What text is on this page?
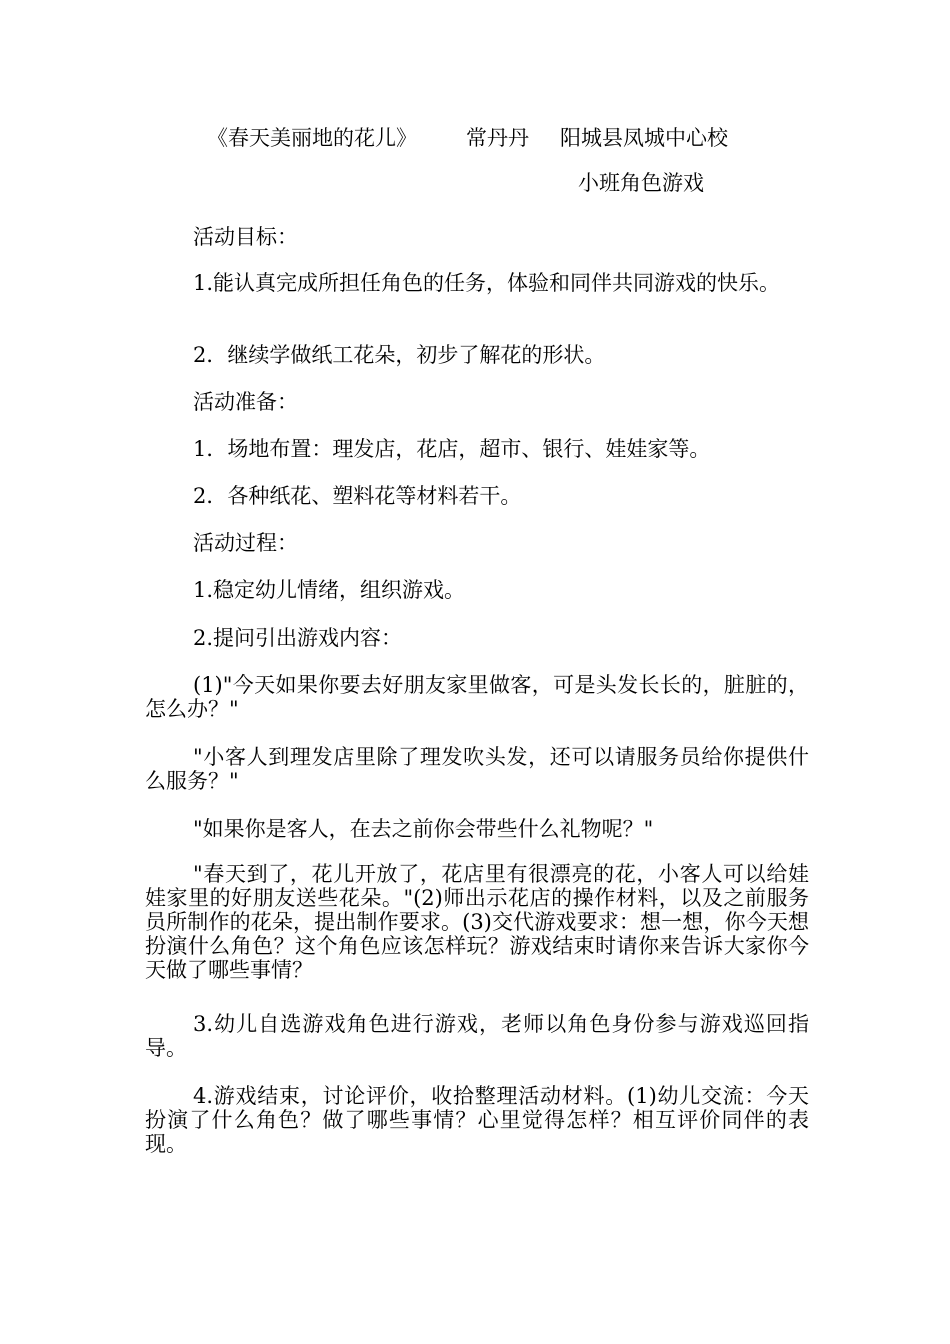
《春天美丽地的花儿》 常丹丹 阳城县凤城中心校
小班角色游戏
活动目标：
1.能认真完成所担任角色的任务，体验和同伴共同游戏的快乐。
2．继续学做纸工花朵，初步了解花的形状。
活动准备：
1．场地布置：理发店，花店，超市、银行、娃娃家等。
2．各种纸花、塑料花等材料若干。
活动过程：
1.稳定幼儿情绪，组织游戏。
2.提问引出游戏内容：
(1)"今天如果你要去好朋友家里做客，可是头发长长的，脏脏的，怎么办？"
"小客人到理发店里除了理发吹头发，还可以请服务员给你提供什么服务？"
"如果你是客人，在去之前你会带些什么礼物呢？"
"春天到了，花儿开放了，花店里有很漂亮的花，小客人可以给娃娃家里的好朋友送些花朵。"(2)师出示花店的操作材料，以及之前服务员所制作的花朵，提出制作要求。(3)交代游戏要求：想一想，你今天想扮演什么角色？这个角色应该怎样玩？游戏结束时请你来告诉大家你今天做了哪些事情？
3.幼儿自选游戏角色进行游戏，老师以角色身份参与游戏巡回指导。
4.游戏结束，讨论评价，收拾整理活动材料。(1)幼儿交流：今天扮演了什么角色？做了哪些事情？心里觉得怎样？相互评价同伴的表现。
